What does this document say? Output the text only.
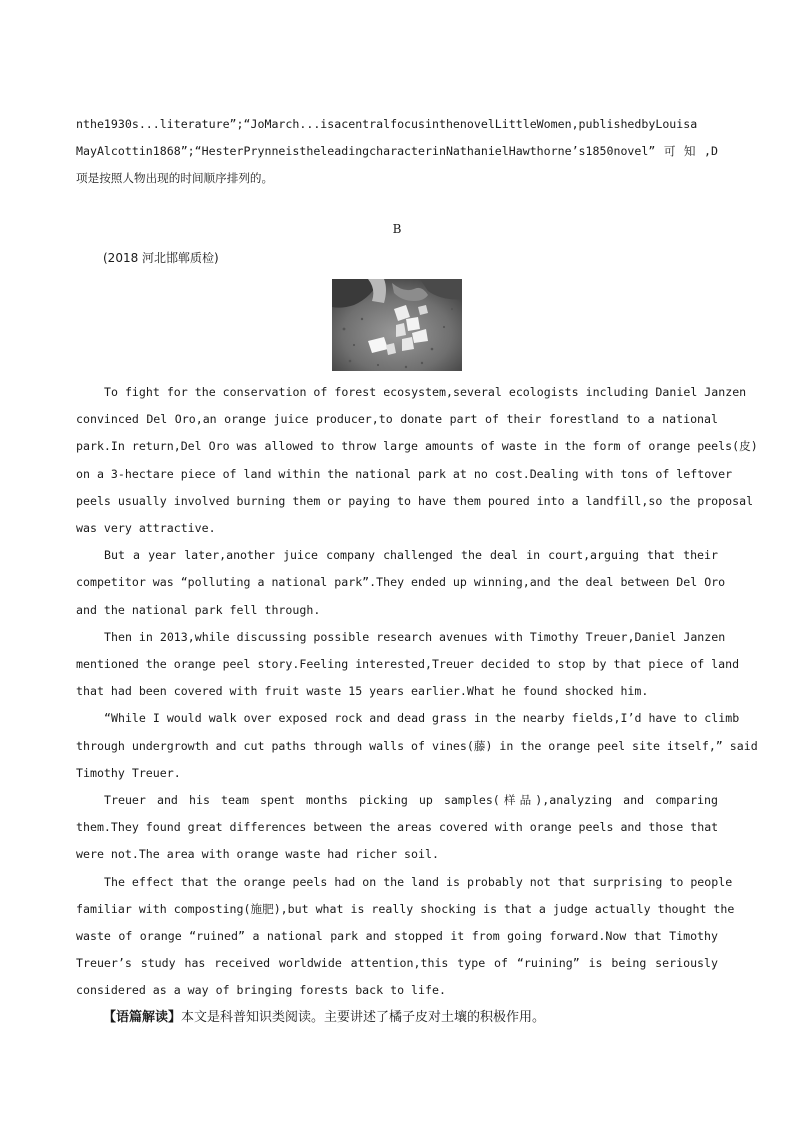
nthe1930s...literature”;“JoMarch...isacentralfocusinthenovelLittleWomen,publishedbyLouisa
MayAlcottin1868”;“HesterPrynneistheleadingcharacterinNathanielHawthorne’s1850novel”可知,D
项是按照人物出现的时间顺序排列的。
B
(2018 河北邯郸质检)
To fight for the conservation of forest ecosystem,several ecologists including Daniel Janzen
convinced Del Oro,an orange juice producer,to donate part of their forestland to a national
park.In return,Del Oro was allowed to throw large amounts of waste in the form of orange peels(皮)
on a 3-hectare piece of land within the national park at no cost.Dealing with tons of leftover
peels usually involved burning them or paying to have them poured into a landfill,so the proposal
was very attractive.
But a year later,another juice company challenged the deal in court,arguing that their
competitor was “polluting a national park”.They ended up winning,and the deal between Del Oro
and the national park fell through.
Then in 2013,while discussing possible research avenues with Timothy Treuer,Daniel Janzen
mentioned the orange peel story.Feeling interested,Treuer decided to stop by that piece of land
that had been covered with fruit waste 15 years earlier.What he found shocked him.
“While I would walk over exposed rock and dead grass in the nearby fields,I’d have to climb
through undergrowth and cut paths through walls of vines(藤) in the orange peel site itself,” said
Timothy Treuer.
Treuer and his team spent months picking up samples(样品),analyzing and comparing
them.They found great differences between the areas covered with orange peels and those that
were not.The area with orange waste had richer soil.
The effect that the orange peels had on the land is probably not that surprising to people
familiar with composting(施肥),but what is really shocking is that a judge actually thought the
waste of orange “ruined” a national park and stopped it from going forward.Now that Timothy
Treuer’s study has received worldwide attention,this type of “ruining” is being seriously
considered as a way of bringing forests back to life.
【语篇解读】本文是科普知识类阅读。主要讲述了橘子皮对土壤的积极作用。
